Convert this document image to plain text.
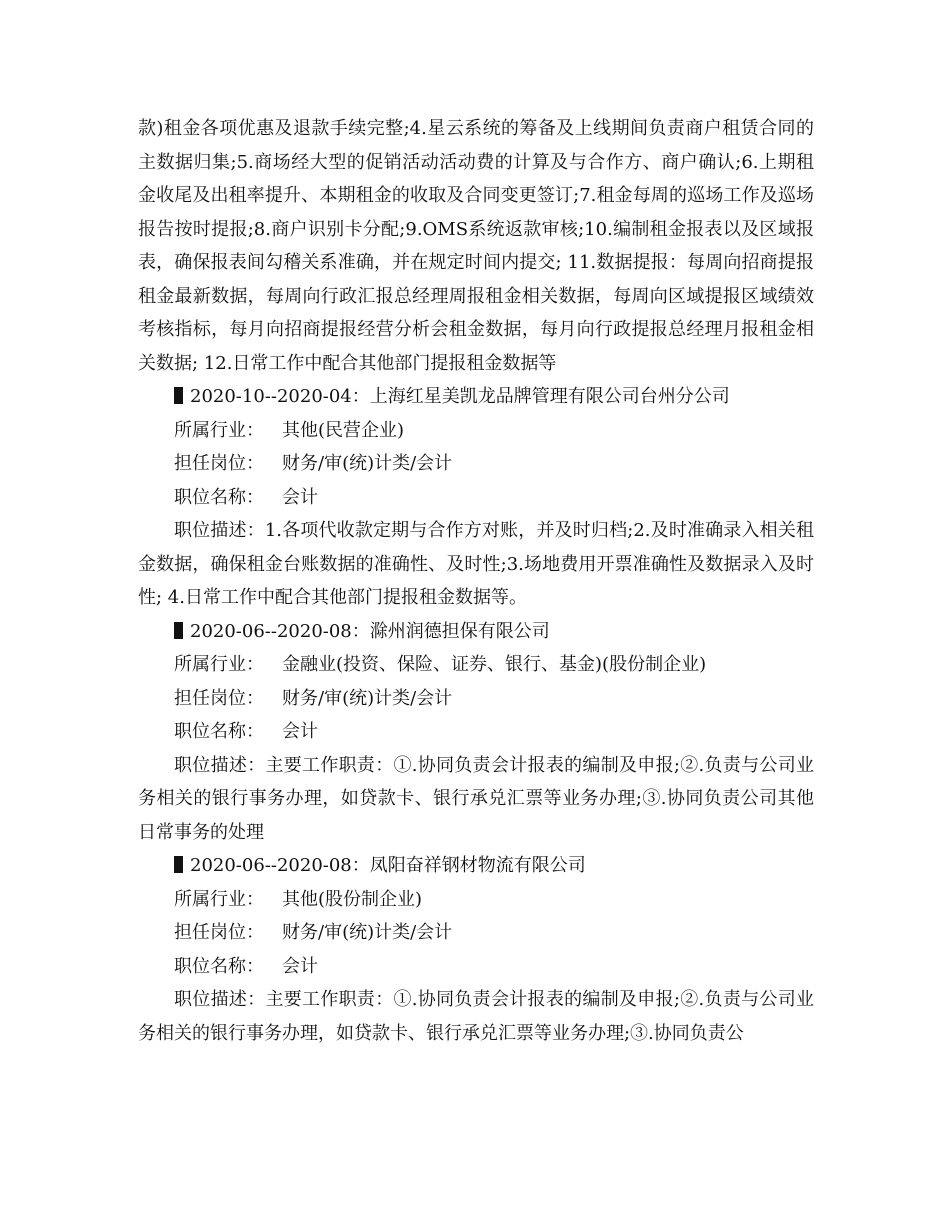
款)租金各项优惠及退款手续完整;4.星云系统的筹备及上线期间负责商户租赁合同的主数据归集;5.商场经大型的促销活动活动费的计算及与合作方、商户确认;6.上期租金收尾及出租率提升、本期租金的收取及合同变更签订;7.租金每周的巡场工作及巡场报告按时提报;8.商户识别卡分配;9.OMS系统返款审核;10.编制租金报表以及区域报表，确保报表间勾稽关系准确，并在规定时间内提交; 11.数据提报：每周向招商提报租金最新数据，每周向行政汇报总经理周报租金相关数据，每周向区域提报区域绩效考核指标，每月向招商提报经营分析会租金数据，每月向行政提报总经理月报租金相关数据; 12.日常工作中配合其他部门提报租金数据等

2020-10--2020-04：上海红星美凯龙品牌管理有限公司台州分公司

所属行业： 其他(民营企业)

担任岗位： 财务/审(统)计类/会计

职位名称： 会计

职位描述：1.各项代收款定期与合作方对账，并及时归档;2.及时准确录入相关租金数据，确保租金台账数据的准确性、及时性;3.场地费用开票准确性及数据录入及时性; 4.日常工作中配合其他部门提报租金数据等。

2020-06--2020-08：滁州润德担保有限公司

所属行业： 金融业(投资、保险、证券、银行、基金)(股份制企业)

担任岗位： 财务/审(统)计类/会计

职位名称： 会计

职位描述：主要工作职责：①.协同负责会计报表的编制及申报;②.负责与公司业务相关的银行事务办理，如贷款卡、银行承兑汇票等业务办理;③.协同负责公司其他日常事务的处理

2020-06--2020-08：凤阳奋祥钢材物流有限公司

所属行业： 其他(股份制企业)

担任岗位： 财务/审(统)计类/会计

职位名称： 会计

职位描述：主要工作职责：①.协同负责会计报表的编制及申报;②.负责与公司业务相关的银行事务办理，如贷款卡、银行承兑汇票等业务办理;③.协同负责公
